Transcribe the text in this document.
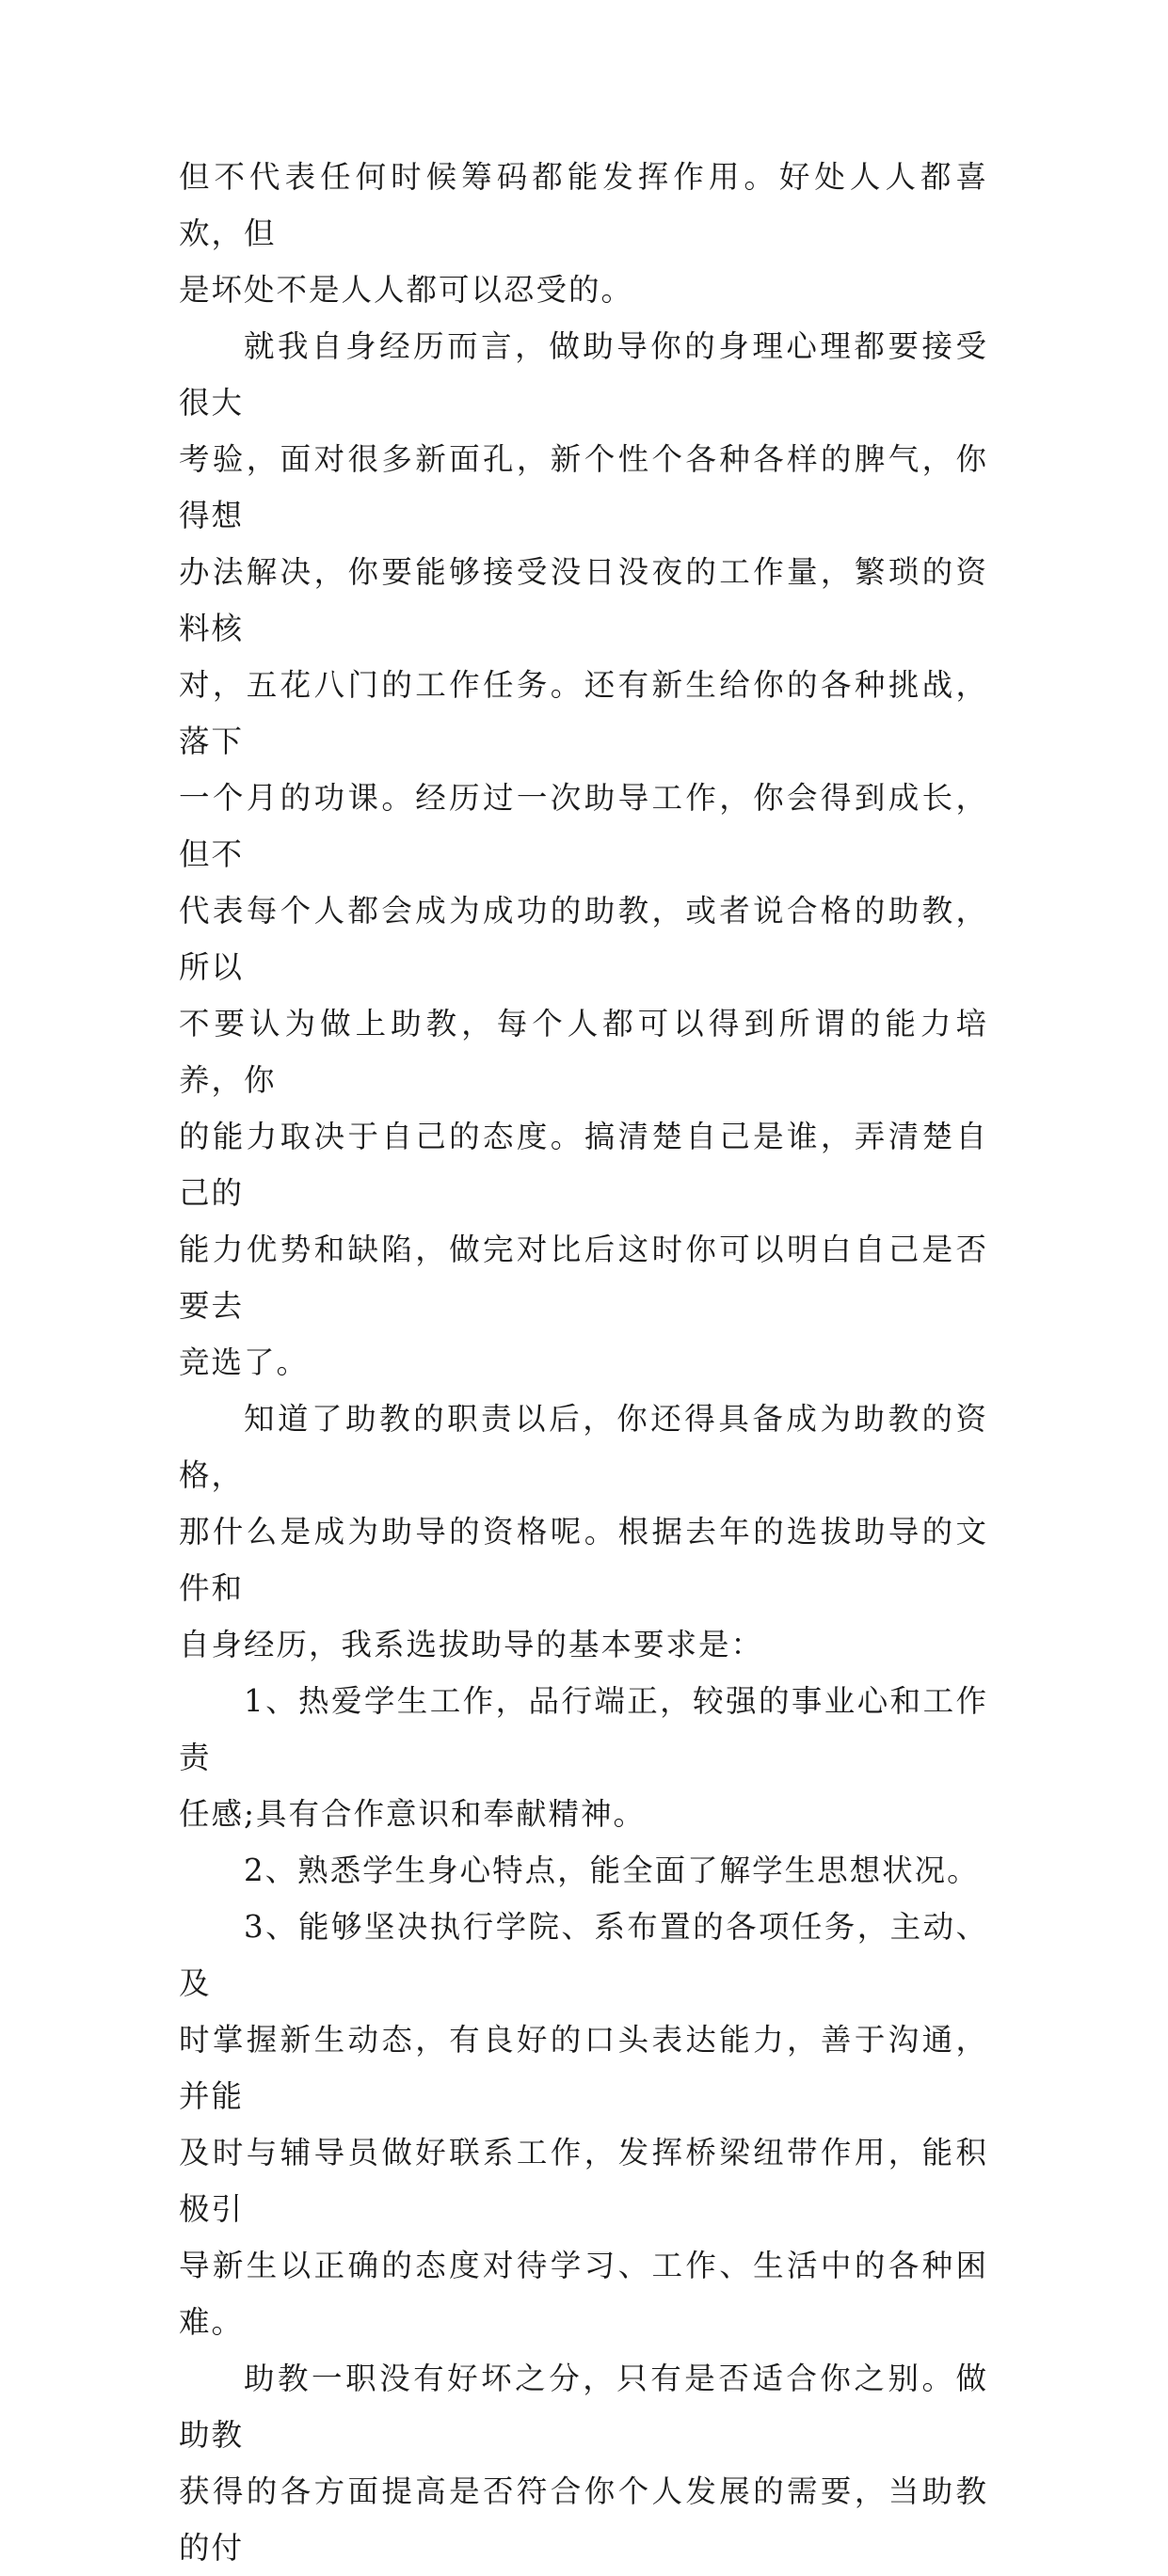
但不代表任何时候筹码都能发挥作用。好处人人都喜欢，但
是坏处不是人人都可以忍受的。

就我自身经历而言，做助导你的身理心理都要接受很大
考验，面对很多新面孔，新个性个各种各样的脾气，你得想
办法解决，你要能够接受没日没夜的工作量，繁琐的资料核
对，五花八门的工作任务。还有新生给你的各种挑战，落下
一个月的功课。经历过一次助导工作，你会得到成长，但不
代表每个人都会成为成功的助教，或者说合格的助教，所以
不要认为做上助教，每个人都可以得到所谓的能力培养，你
的能力取决于自己的态度。搞清楚自己是谁，弄清楚自己的
能力优势和缺陷，做完对比后这时你可以明白自己是否要去
竞选了。

知道了助教的职责以后，你还得具备成为助教的资格，
那什么是成为助导的资格呢。根据去年的选拔助导的文件和
自身经历，我系选拔助导的基本要求是：

1、热爱学生工作，品行端正，较强的事业心和工作责
任感;具有合作意识和奉献精神。

2、熟悉学生身心特点，能全面了解学生思想状况。

3、能够坚决执行学院、系布置的各项任务，主动、及
时掌握新生动态，有良好的口头表达能力，善于沟通，并能
及时与辅导员做好联系工作，发挥桥梁纽带作用，能积极引
导新生以正确的态度对待学习、工作、生活中的各种困难。

助教一职没有好坏之分，只有是否适合你之别。做助教
获得的各方面提高是否符合你个人发展的需要，当助教的付
